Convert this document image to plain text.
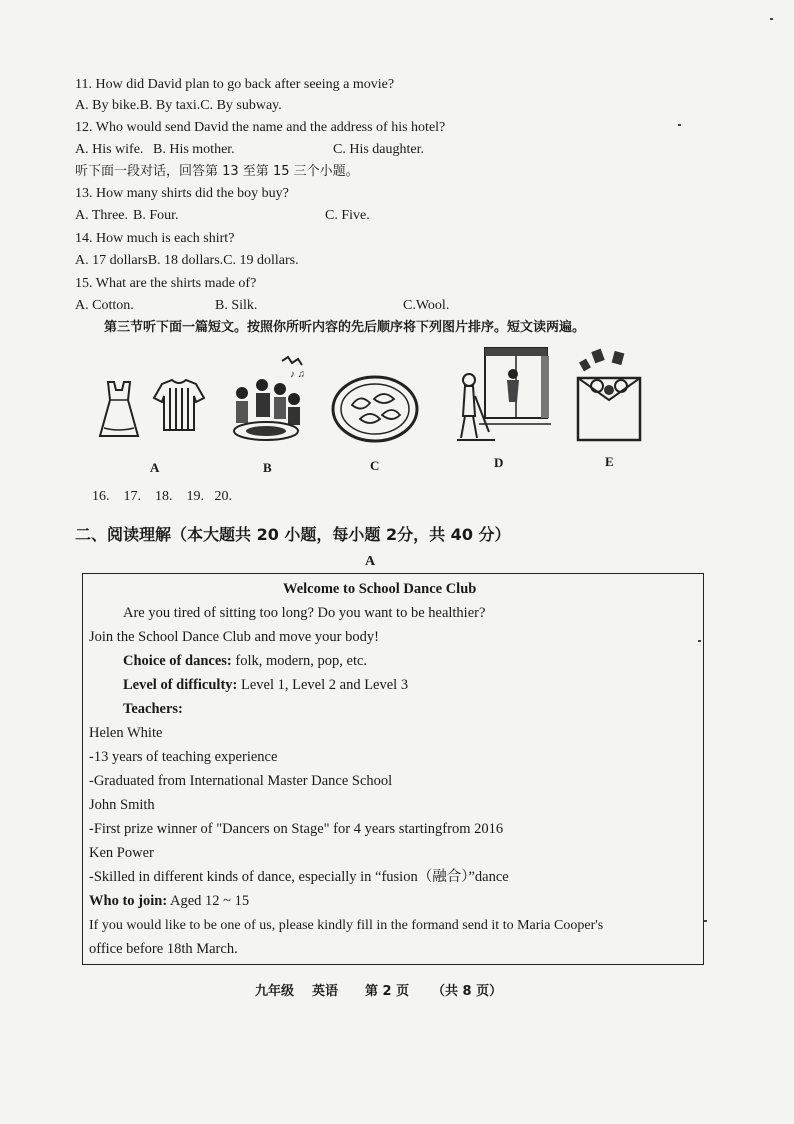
11. How did David plan to go back after seeing a movie?
A. By bike.B. By taxi.C. By subway.
12. Who would send David the name and the address of his hotel?
A. His wife. B. His mother.	C. His daughter.
听下面一段对话，回答第 13 至第 15 三个小题。
13. How many shirts did the boy buy?
A. Three. B. Four.	C. Five.
14. How much is each shirt?
A. 17 dollarsB. 18 dollars.C. 19 dollars.
15. What are the shirts made of?
A. Cotton.	B. Silk.	C.Wool.
第三节听下面一篇短文。按照你所听内容的先后顺序将下列图片排序。短文读两遍。
♪ ♫
A	B	C	D	E
16.    17.    18.    19.   20.
二、阅读理解（本大题共 20 小题，每小题 2分，共 40 分）
A
Welcome to School Dance Club
Are you tired of sitting too long? Do you want to be healthier?
Join the School Dance Club and move your body!
Choice of dances: folk, modern, pop, etc.
Level of difficulty: Level 1, Level 2 and Level 3
Teachers:
Helen White
-13 years of teaching experience
-Graduated from International Master Dance School
John Smith
-First prize winner of "Dancers on Stage" for 4 years startingfrom 2016
Ken Power
-Skilled in different kinds of dance, especially in “fusion（融合）”dance
Who to join: Aged 12 ~ 15
If you would like to be one of us, please kindly fill in the formand send it to Maria Cooper's
office before 18th March.
九年级 英语 第 2 页 （共 8 页）
